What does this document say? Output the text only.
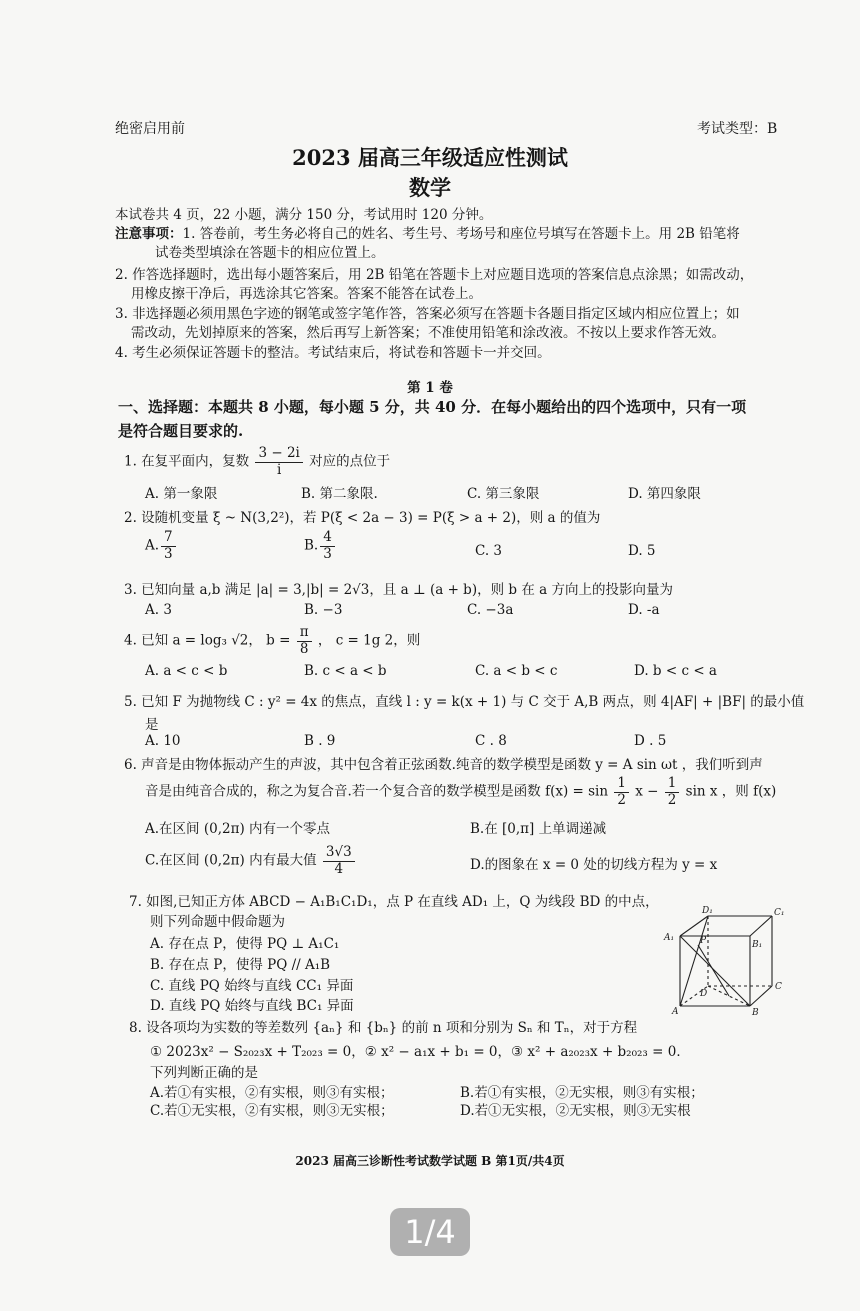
绝密启用前	考试类型：B
2023 届高三年级适应性测试
数学
本试卷共 4 页，22 小题，满分 150 分，考试用时 120 分钟。
注意事项：1. 答卷前，考生务必将自己的姓名、考生号、考场号和座位号填写在答题卡上。用 2B 铅笔将
试卷类型填涂在答题卡的相应位置上。
2. 作答选择题时，选出每小题答案后，用 2B 铅笔在答题卡上对应题目选项的答案信息点涂黑；如需改动，
用橡皮擦干净后，再选涂其它答案。答案不能答在试卷上。
3. 非选择题必须用黑色字迹的钢笔或签字笔作答，答案必须写在答题卡各题目指定区域内相应位置上；如
需改动，先划掉原来的答案，然后再写上新答案；不准使用铅笔和涂改液。不按以上要求作答无效。
4. 考生必须保证答题卡的整洁。考试结束后，将试卷和答题卡一并交回。
第 1 卷
一、选择题：本题共 8 小题，每小题 5 分，共 40 分．在每小题给出的四个选项中，只有一项
是符合题目要求的.
1. 在复平面内，复数 $\frac{3 - 2i}{i}$ 对应的点位于
A. 第一象限	B. 第二象限.	C. 第三象限	D. 第四象限
2. 设随机变量 ξ ~ N(3,2²)，若 P(ξ < 2a − 3) = P(ξ > a + 2)，则 a 的值为
A. $\frac{7}{3}$	B. $\frac{4}{3}$	C. 3	D. 5
3. 已知向量 a,b 满足 |a| = 3,|b| = 2√3，且 a ⊥ (a + b)，则 b 在 a 方向上的投影向量为
A. 3	B. −3	C. −3a	D. -a
4. 已知 a = log₃ √2， $b = \frac{\pi}{8}$ ， c = 1g 2，则
A. a < c < b	B. c < a < b	C. a < b < c	D. b < c < a
5. 已知 F 为抛物线 C : y² = 4x 的焦点，直线 l : y = k(x + 1) 与 C 交于 A,B 两点，则 4|AF| + |BF| 的最小值
是
A. 10	B . 9	C . 8	D . 5
6. 声音是由物体振动产生的声波，其中包含着正弦函数.纯音的数学模型是函数 y = A sin ωt ，我们听到声
音是由纯音合成的，称之为复合音.若一个复合音的数学模型是函数 $f(x) = \sin \frac{1}{2}$ $x - \frac{1}{2}$ sin x ，则 f(x)
A.在区间 (0,2π) 内有一个零点	B.在 [0,π] 上单调递减
C.在区间 (0,2π) 内有最大值 $\frac{3√3}{4}$	D.的图象在 x = 0 处的切线方程为 y = x
7. 如图,已知正方体 ABCD − A₁B₁C₁D₁，点 P 在直线 AD₁ 上，Q 为线段 BD 的中点，
则下列命题中假命题为
A. 存在点 P，使得 PQ ⊥ A₁C₁
B. 存在点 P，使得 PQ // A₁B
C. 直线 PQ 始终与直线 CC₁ 异面
D. 直线 PQ 始终与直线 BC₁ 异面
D₁	C₁
A₁
B₁
P
D
C
A	B
8. 设各项均为实数的等差数列 {aₙ} 和 {bₙ} 的前 n 项和分别为 Sₙ 和 Tₙ，对于方程
① 2023x² − S₂₀₂₃x + T₂₀₂₃ = 0，② x² − a₁x + b₁ = 0，③ x² + a₂₀₂₃x + b₂₀₂₃ = 0．
下列判断正确的是
A.若①有实根，②有实根，则③有实根；	B.若①有实根，②无实根，则③有实根；
C.若①无实根，②有实根，则③无实根；	D.若①无实根，②无实根，则③无实根
2023 届高三诊断性考试数学试题 B 第1页/共4页
1/4
